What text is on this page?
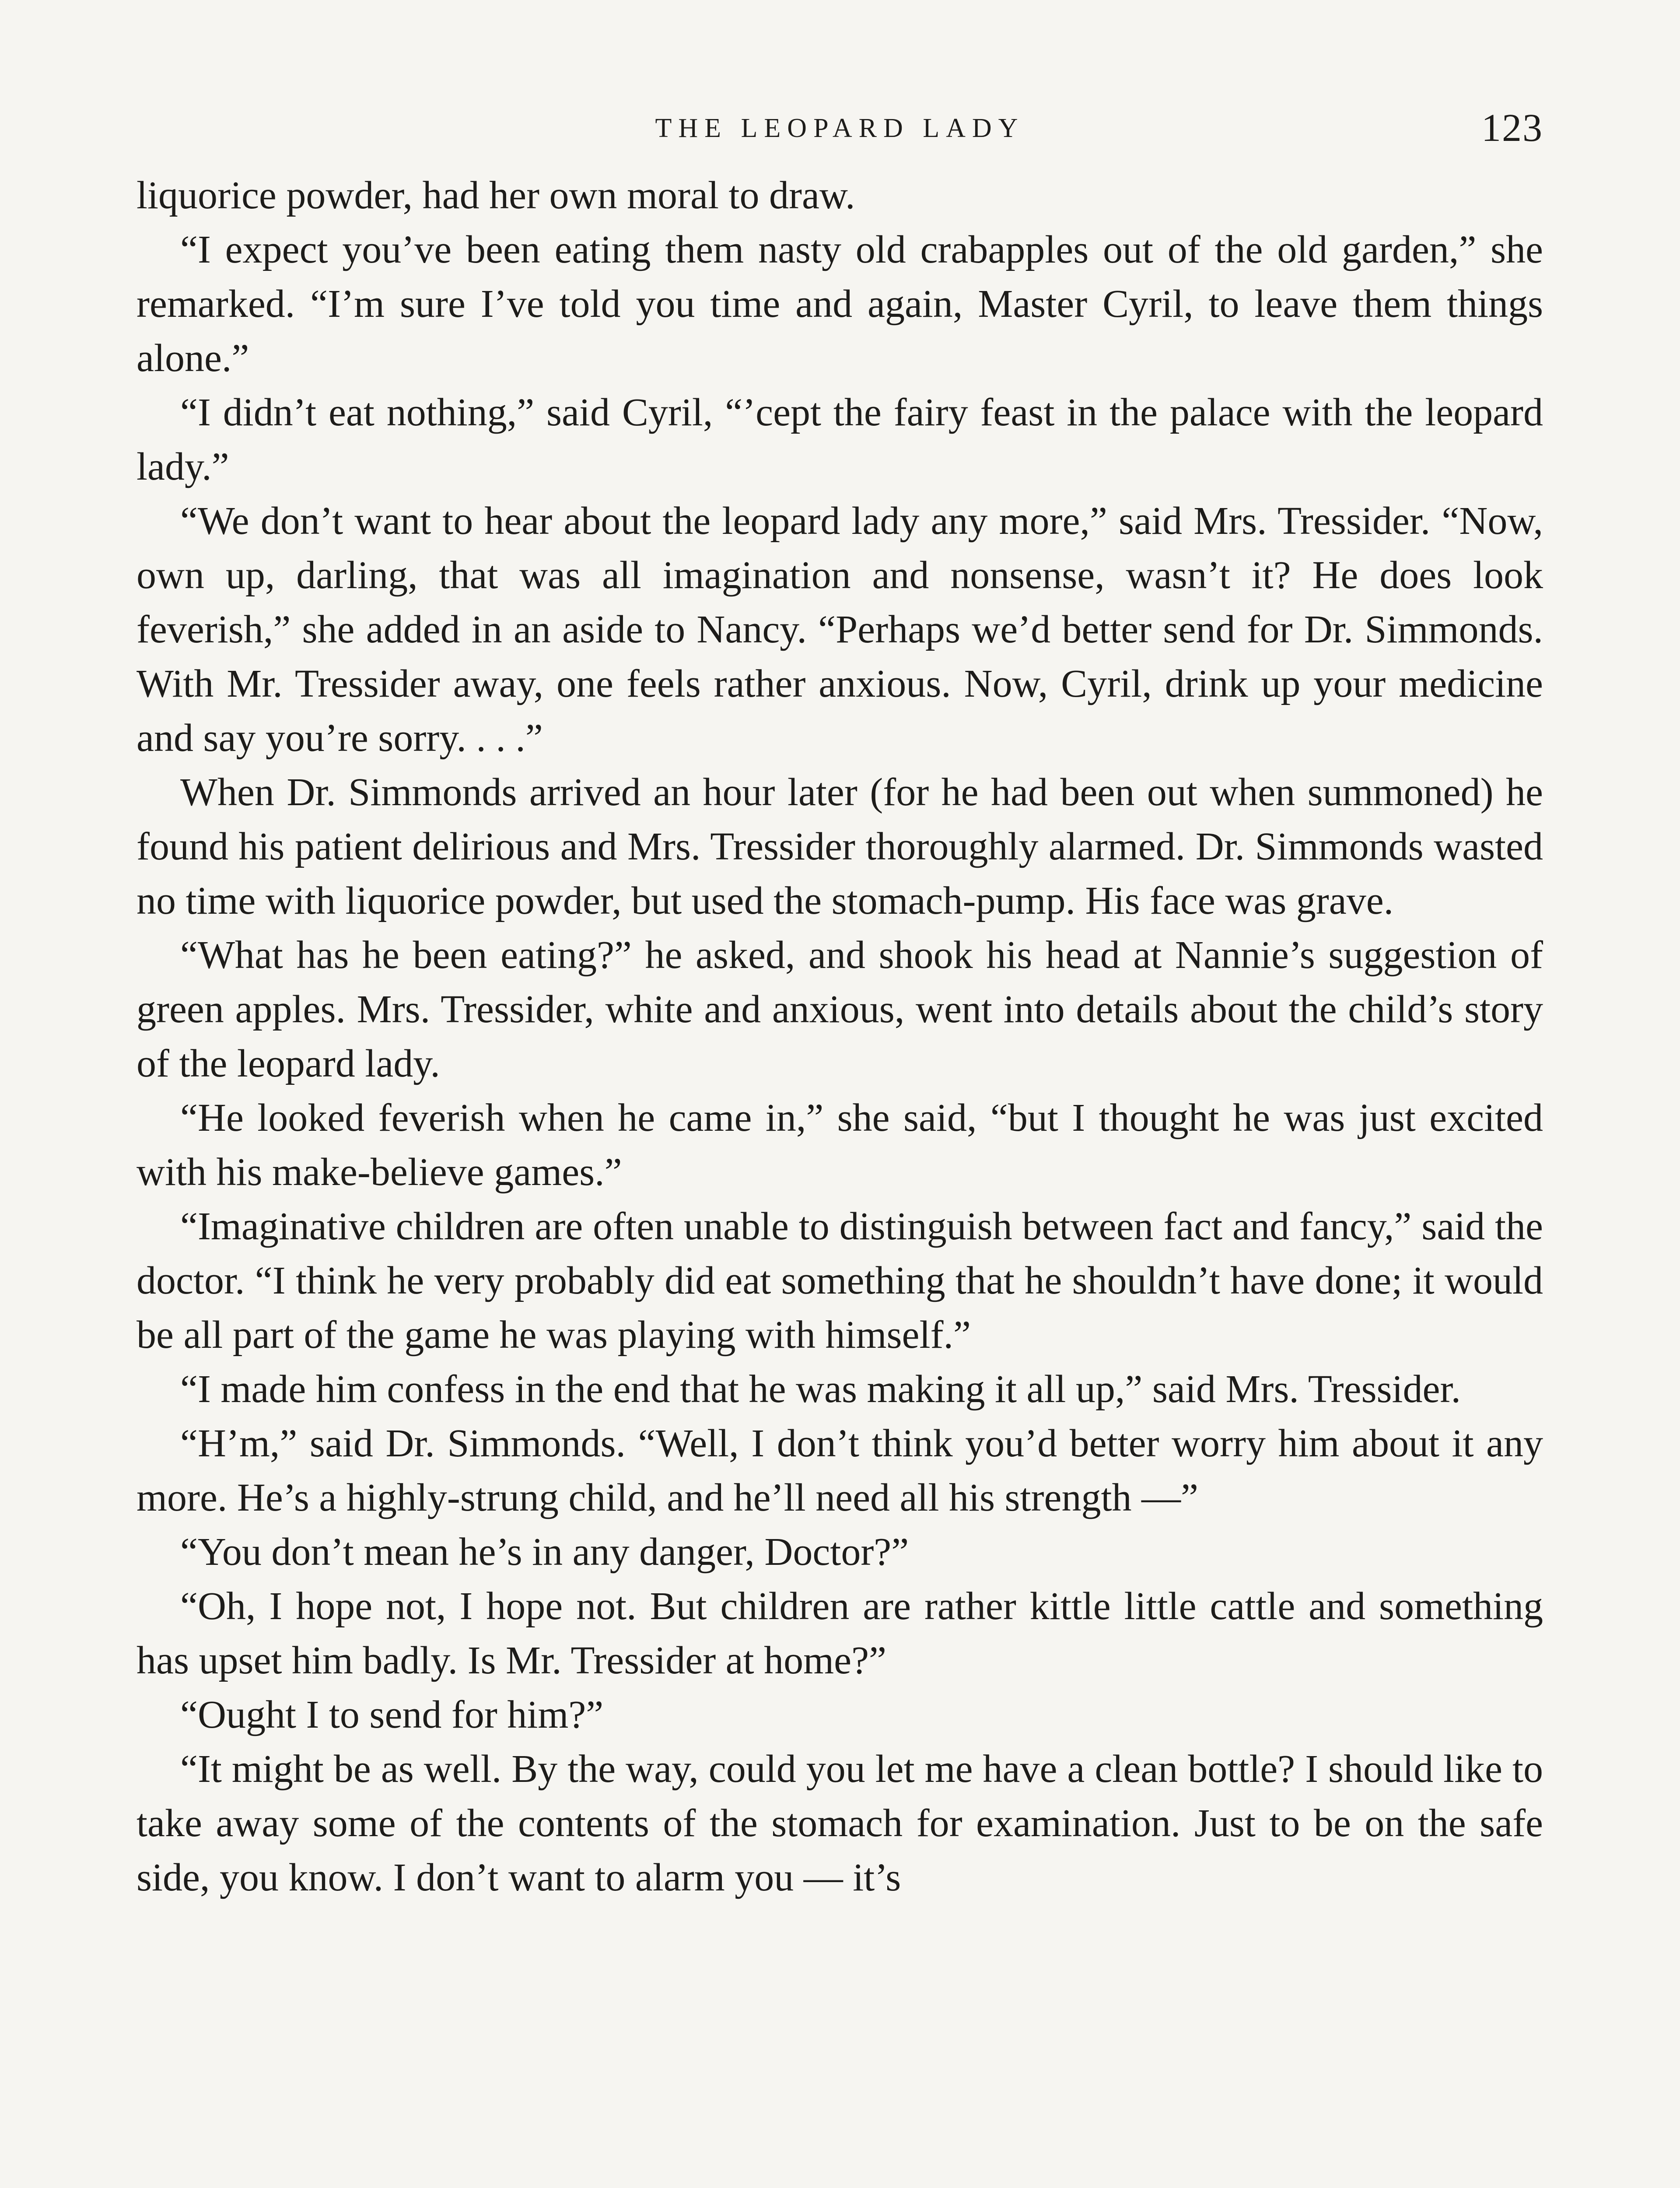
THE LEOPARD LADY	123

liquorice powder, had her own moral to draw.

“I expect you’ve been eating them nasty old crabapples out of the old garden,” she remarked. “I’m sure I’ve told you time and again, Master Cyril, to leave them things alone.”

“I didn’t eat nothing,” said Cyril, “’cept the fairy feast in the palace with the leopard lady.”

“We don’t want to hear about the leopard lady any more,” said Mrs. Tressider. “Now, own up, darling, that was all imagination and nonsense, wasn’t it? He does look feverish,” she added in an aside to Nancy. “Perhaps we’d better send for Dr. Simmonds. With Mr. Tressider away, one feels rather anxious. Now, Cyril, drink up your medicine and say you’re sorry. . . .”

When Dr. Simmonds arrived an hour later (for he had been out when summoned) he found his patient delirious and Mrs. Tressider thoroughly alarmed. Dr. Simmonds wasted no time with liquorice powder, but used the stomach-pump. His face was grave.

“What has he been eating?” he asked, and shook his head at Nannie’s suggestion of green apples. Mrs. Tressider, white and anxious, went into details about the child’s story of the leopard lady.

“He looked feverish when he came in,” she said, “but I thought he was just excited with his make-believe games.”

“Imaginative children are often unable to distinguish between fact and fancy,” said the doctor. “I think he very probably did eat something that he shouldn’t have done; it would be all part of the game he was playing with himself.”

“I made him confess in the end that he was making it all up,” said Mrs. Tressider.

“H’m,” said Dr. Simmonds. “Well, I don’t think you’d better worry him about it any more. He’s a highly-strung child, and he’ll need all his strength —”

“You don’t mean he’s in any danger, Doctor?”

“Oh, I hope not, I hope not. But children are rather kittle little cattle and something has upset him badly. Is Mr. Tressider at home?”

“Ought I to send for him?”

“It might be as well. By the way, could you let me have a clean bottle? I should like to take away some of the contents of the stomach for examination. Just to be on the safe side, you know. I don’t want to alarm you — it’s
